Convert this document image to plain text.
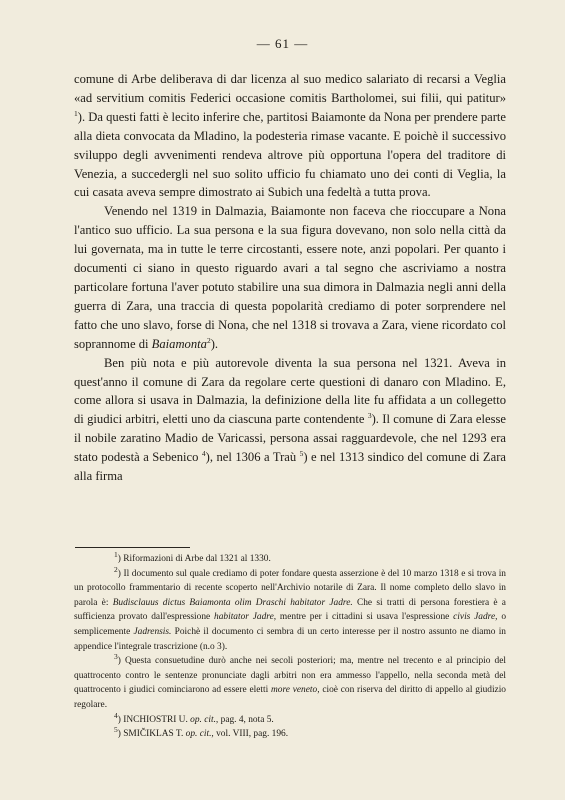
— 61 —

comune di Arbe deliberava di dar licenza al suo medico salariato di recarsi a Veglia «ad servitium comitis Federici occasione comitis Bartholomei, sui filii, qui patitur» $^1$). Da questi fatti è lecito inferire che, partitosi Baiamonte da Nona per prendere parte alla dieta convocata da Mladino, la podesteria rimase vacante. E poichè il successivo sviluppo degli avvenimenti rendeva altrove più opportuna l'opera del traditore di Venezia, a succedergli nel suo solito ufficio fu chiamato uno dei conti di Veglia, la cui casata aveva sempre dimostrato ai Subich una fedeltà a tutta prova.

Venendo nel 1319 in Dalmazia, Baiamonte non faceva che rioccupare a Nona l'antico suo ufficio. La sua persona e la sua figura dovevano, non solo nella città da lui governata, ma in tutte le terre circostanti, essere note, anzi popolari. Per quanto i documenti ci siano in questo riguardo avari a tal segno che ascriviamo a nostra particolare fortuna l'aver potuto stabilire una sua dimora in Dalmazia negli anni della guerra di Zara, una traccia di questa popolarità crediamo di poter sorprendere nel fatto che uno slavo, forse di Nona, che nel 1318 si trovava a Zara, viene ricordato col soprannome di Baiamonta$^2$).

Ben più nota e più autorevole diventa la sua persona nel 1321. Aveva in quest'anno il comune di Zara da regolare certe questioni di danaro con Mladino. E, come allora si usava in Dalmazia, la definizione della lite fu affidata a un collegetto di giudici arbitri, eletti uno da ciascuna parte contendente $^3$). Il comune di Zara elesse il nobile zaratino Madio de Varicassi, persona assai ragguardevole, che nel 1293 era stato podestà a Sebenico $^4$), nel 1306 a Traù $^5$) e nel 1313 sindico del comune di Zara alla firma

$^1$) Riformazioni di Arbe dal 1321 al 1330.

$^2$) Il documento sul quale crediamo di poter fondare questa asserzione è del 10 marzo 1318 e si trova in un protocollo frammentario di recente scoperto nell'Archivio notarile di Zara. Il nome completo dello slavo in parola è: Budisclauus dictus Baiamonta olim Draschi habitator Jadre. Che si tratti di persona forestiera è a sufficienza provato dall'espressione habitator Jadre, mentre per i cittadini si usava l'espressione civis Jadre, o semplicemente Jadrensis. Poichè il documento ci sembra di un certo interesse per il nostro assunto ne diamo in appendice l'integrale trascrizione (n.o 3).

$^3$) Questa consuetudine durò anche nei secoli posteriori; ma, mentre nel trecento e al principio del quattrocento contro le sentenze pronunciate dagli arbitri non era ammesso l'appello, nella seconda metà del quattrocento i giudici cominciarono ad essere eletti more veneto, cioè con riserva del diritto di appello al giudizio regolare.

$^4$) INCHIOSTRI U. op. cit., pag. 4, nota 5.

$^5$) SMIČIKLAS T. op. cit., vol. VIII, pag. 196.
